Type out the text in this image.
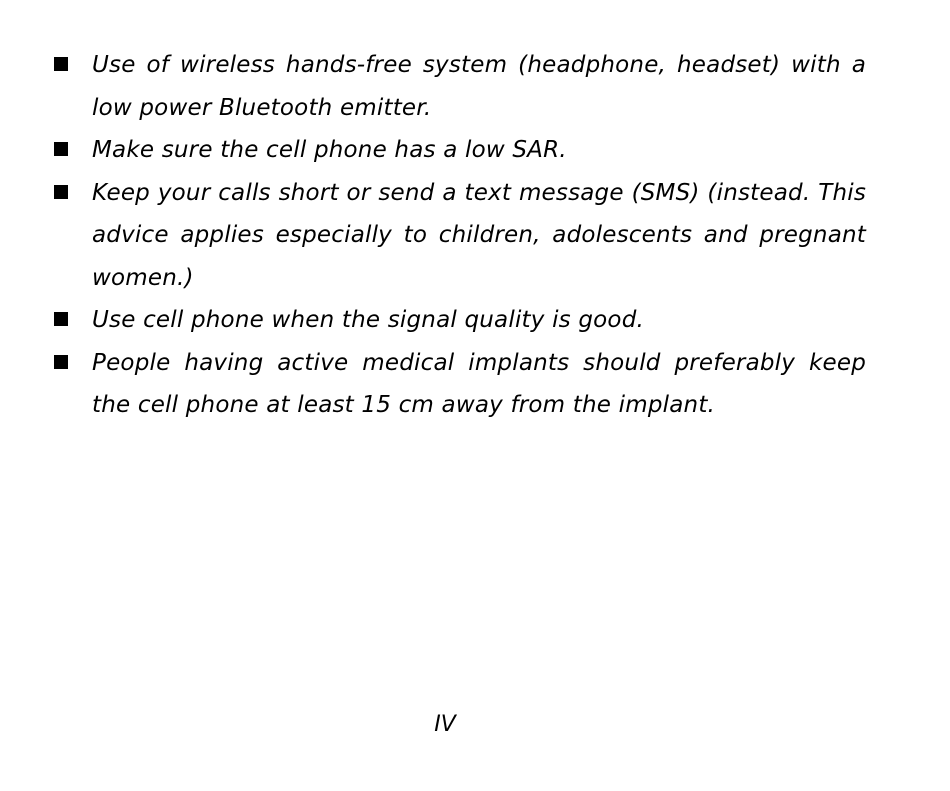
Use of wireless hands-free system (headphone, headset) with a low power Bluetooth emitter.
Make sure the cell phone has a low SAR.
Keep your calls short or send a text message (SMS) (instead. This advice applies especially to children, adolescents and pregnant women.)
Use cell phone when the signal quality is good.
People having active medical implants should preferably keep the cell phone at least 15 cm away from the implant.
IV
